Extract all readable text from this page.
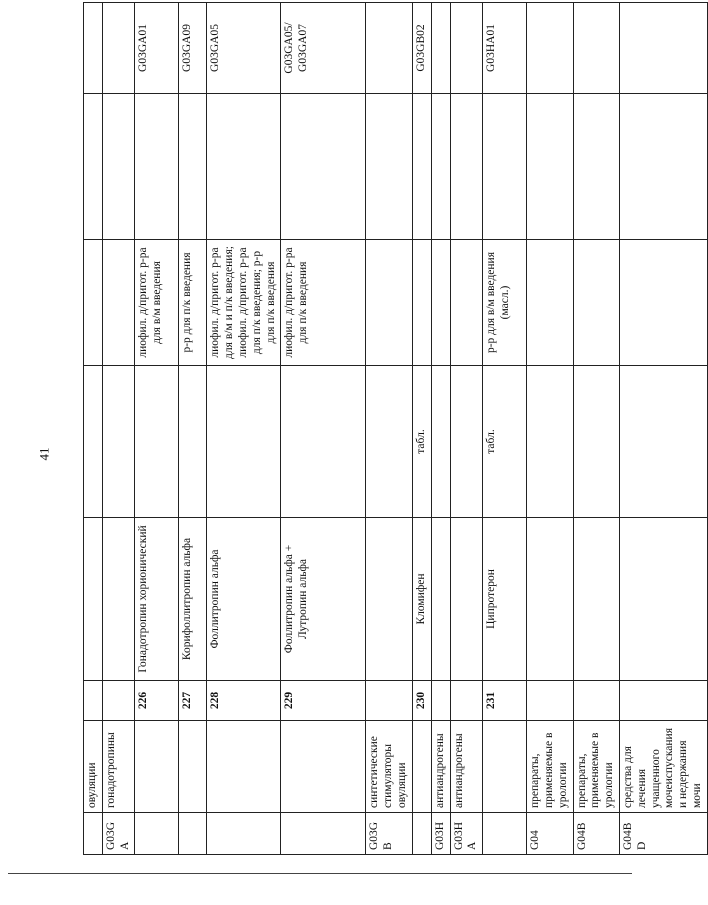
41
	овуляции						
G03GA	гонадотропины						
		226	Гонадотропин хорионический		лиофил. д/пригот. р-ра для в/м введения		G03GA01
		227	Корифоллитропин альфа		р-р для п/к введения		G03GA09
		228	Фоллитропин альфа		лиофил. д/пригот. р-ра для в/м и п/к введения; лиофил. д/пригот. р-ра для п/к введения; р-р для п/к введения		G03GA05
		229	Фоллитропин альфа + Лутропин альфа		лиофил. д/пригот. р-ра для п/к введения		G03GA05/ G03GA07
G03GB	синтетические стимуляторы овуляции						
		230	Кломифен	табл.			G03GB02
G03H	антиандрогены						
G03HA	антиандрогены						
		231	Ципротерон	табл.	р-р для в/м введения (масл.)		G03HA01
G04	препараты, применяемые в урологии						
G04B	препараты, применяемые в урологии						
G04BD	средства для лечения учащенного мочеиспускания и недержания мочи						
